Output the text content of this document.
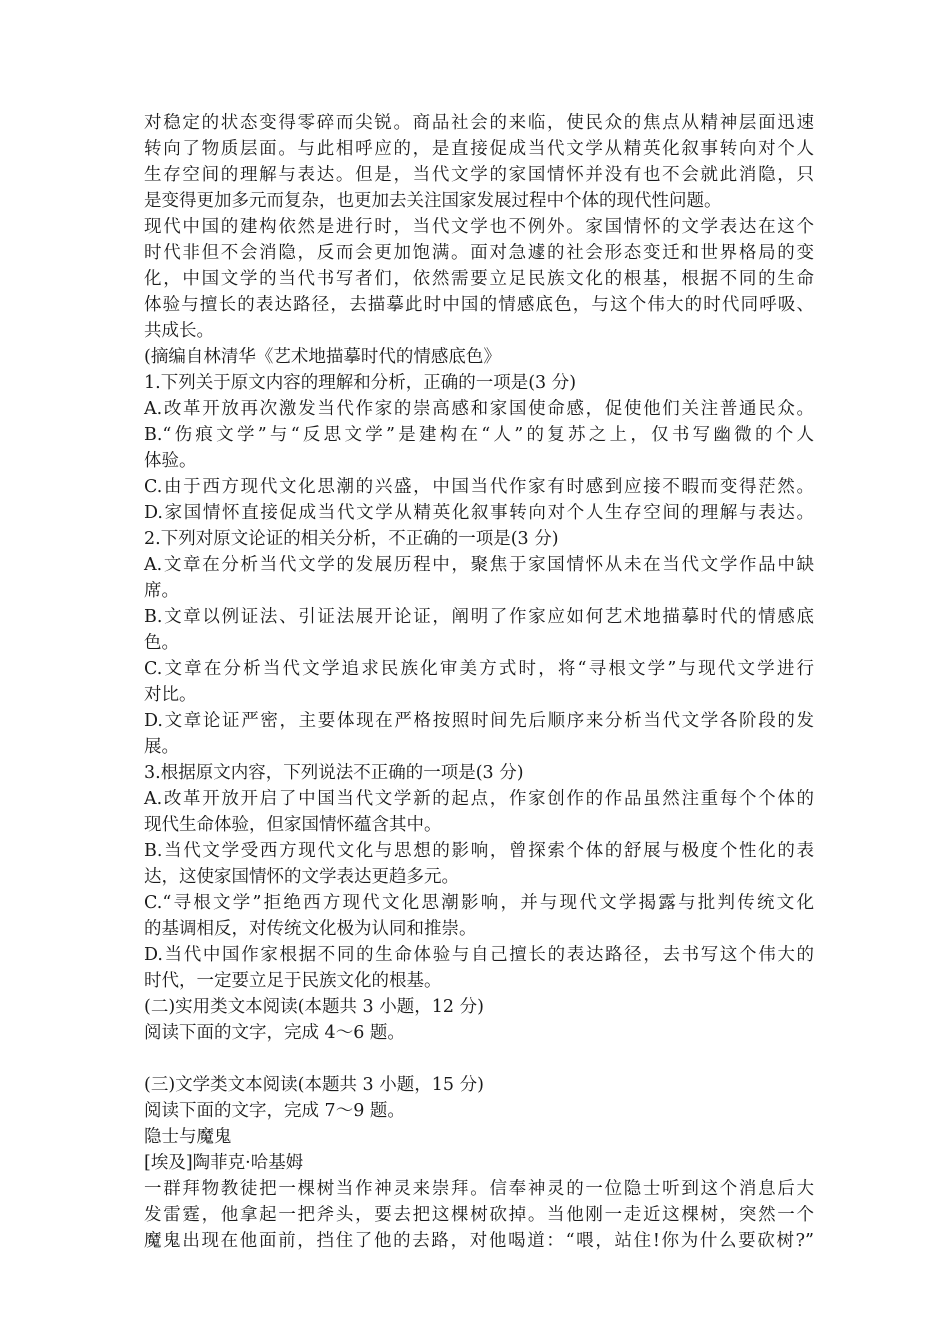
对稳定的状态变得零碎而尖锐。商品社会的来临，使民众的焦点从精神层面迅速
转向了物质层面。与此相呼应的，是直接促成当代文学从精英化叙事转向对个人
生存空间的理解与表达。但是，当代文学的家国情怀并没有也不会就此消隐，只
是变得更加多元而复杂，也更加去关注国家发展过程中个体的现代性问题。
现代中国的建构依然是进行时，当代文学也不例外。家国情怀的文学表达在这个
时代非但不会消隐，反而会更加饱满。面对急遽的社会形态变迁和世界格局的变
化，中国文学的当代书写者们，依然需要立足民族文化的根基，根据不同的生命
体验与擅长的表达路径，去描摹此时中国的情感底色，与这个伟大的时代同呼吸、
共成长。
(摘编自林清华《艺术地描摹时代的情感底色》
1.下列关于原文内容的理解和分析，正确的一项是(3 分)
A.改革开放再次激发当代作家的崇高感和家国使命感，促使他们关注普通民众。
B.“伤痕文学”与“反思文学”是建构在“人”的复苏之上，仅书写幽微的个人
体验。
C.由于西方现代文化思潮的兴盛，中国当代作家有时感到应接不暇而变得茫然。
D.家国情怀直接促成当代文学从精英化叙事转向对个人生存空间的理解与表达。
2.下列对原文论证的相关分析，不正确的一项是(3 分)
A.文章在分析当代文学的发展历程中，聚焦于家国情怀从未在当代文学作品中缺
席。
B.文章以例证法、引证法展开论证，阐明了作家应如何艺术地描摹时代的情感底
色。
C.文章在分析当代文学追求民族化审美方式时，将“寻根文学”与现代文学进行
对比。
D.文章论证严密，主要体现在严格按照时间先后顺序来分析当代文学各阶段的发
展。
3.根据原文内容，下列说法不正确的一项是(3 分)
A.改革开放开启了中国当代文学新的起点，作家创作的作品虽然注重每个个体的
现代生命体验，但家国情怀蕴含其中。
B.当代文学受西方现代文化与思想的影响，曾探索个体的舒展与极度个性化的表
达，这使家国情怀的文学表达更趋多元。
C.“寻根文学”拒绝西方现代文化思潮影响，并与现代文学揭露与批判传统文化
的基调相反，对传统文化极为认同和推崇。
D.当代中国作家根据不同的生命体验与自己擅长的表达路径，去书写这个伟大的
时代，一定要立足于民族文化的根基。
(二)实用类文本阅读(本题共 3 小题，12 分)
阅读下面的文字，完成 4～6 题。
(三)文学类文本阅读(本题共 3 小题，15 分)
阅读下面的文字，完成 7～9 题。
隐士与魔鬼
[埃及]陶菲克·哈基姆
一群拜物教徒把一棵树当作神灵来崇拜。信奉神灵的一位隐士听到这个消息后大
发雷霆，他拿起一把斧头，要去把这棵树砍掉。当他刚一走近这棵树，突然一个
魔鬼出现在他面前，挡住了他的去路，对他喝道：“喂，站住!你为什么要砍树?”
